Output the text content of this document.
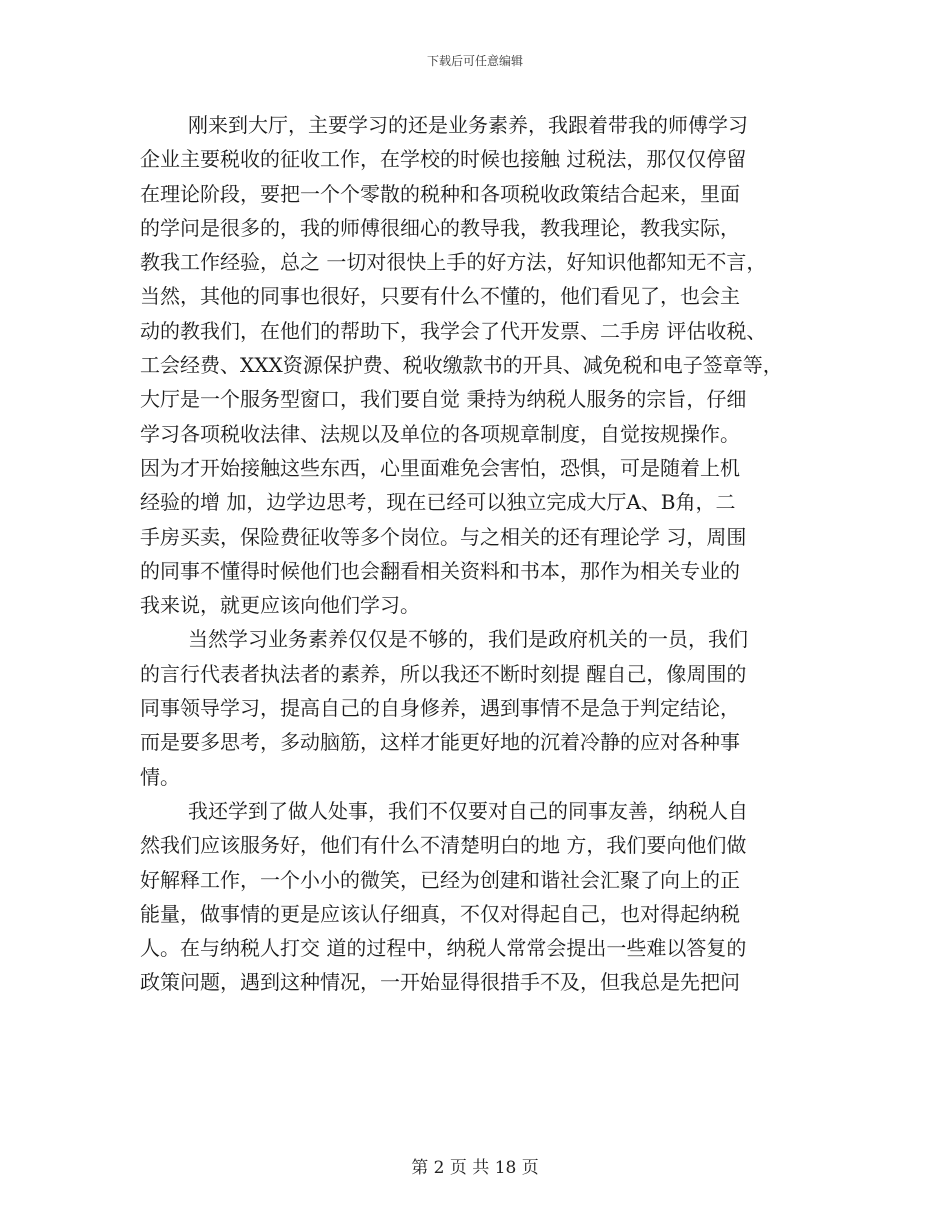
下载后可任意编辑
刚来到大厅，主要学习的还是业务素养，我跟着带我的师傅学习
企业主要税收的征收工作，在学校的时候也接触 过税法，那仅仅停留
在理论阶段，要把一个个零散的税种和各项税收政策结合起来，里面
的学问是很多的，我的师傅很细心的教导我，教我理论，教我实际，
教我工作经验，总之 一切对很快上手的好方法，好知识他都知无不言，
当然，其他的同事也很好，只要有什么不懂的，他们看见了，也会主
动的教我们，在他们的帮助下，我学会了代开发票、二手房 评估收税、
工会经费、XXX资源保护费、税收缴款书的开具、减免税和电子签章等，
大厅是一个服务型窗口，我们要自觉 秉持为纳税人服务的宗旨，仔细
学习各项税收法律、法规以及单位的各项规章制度，自觉按规操作。
因为才开始接触这些东西，心里面难免会害怕，恐惧，可是随着上机
经验的增 加，边学边思考，现在已经可以独立完成大厅A、B角，二
手房买卖，保险费征收等多个岗位。与之相关的还有理论学 习，周围
的同事不懂得时候他们也会翻看相关资料和书本，那作为相关专业的
我来说，就更应该向他们学习。
当然学习业务素养仅仅是不够的，我们是政府机关的一员，我们
的言行代表者执法者的素养，所以我还不断时刻提 醒自己，像周围的
同事领导学习，提高自己的自身修养，遇到事情不是急于判定结论，
而是要多思考，多动脑筋，这样才能更好地的沉着冷静的应对各种事
情。
我还学到了做人处事，我们不仅要对自己的同事友善，纳税人自
然我们应该服务好，他们有什么不清楚明白的地 方，我们要向他们做
好解释工作，一个小小的微笑，已经为创建和谐社会汇聚了向上的正
能量，做事情的更是应该认仔细真，不仅对得起自己，也对得起纳税
人。在与纳税人打交 道的过程中，纳税人常常会提出一些难以答复的
政策问题，遇到这种情况，一开始显得很措手不及，但我总是先把问
第 2 页 共 18 页
